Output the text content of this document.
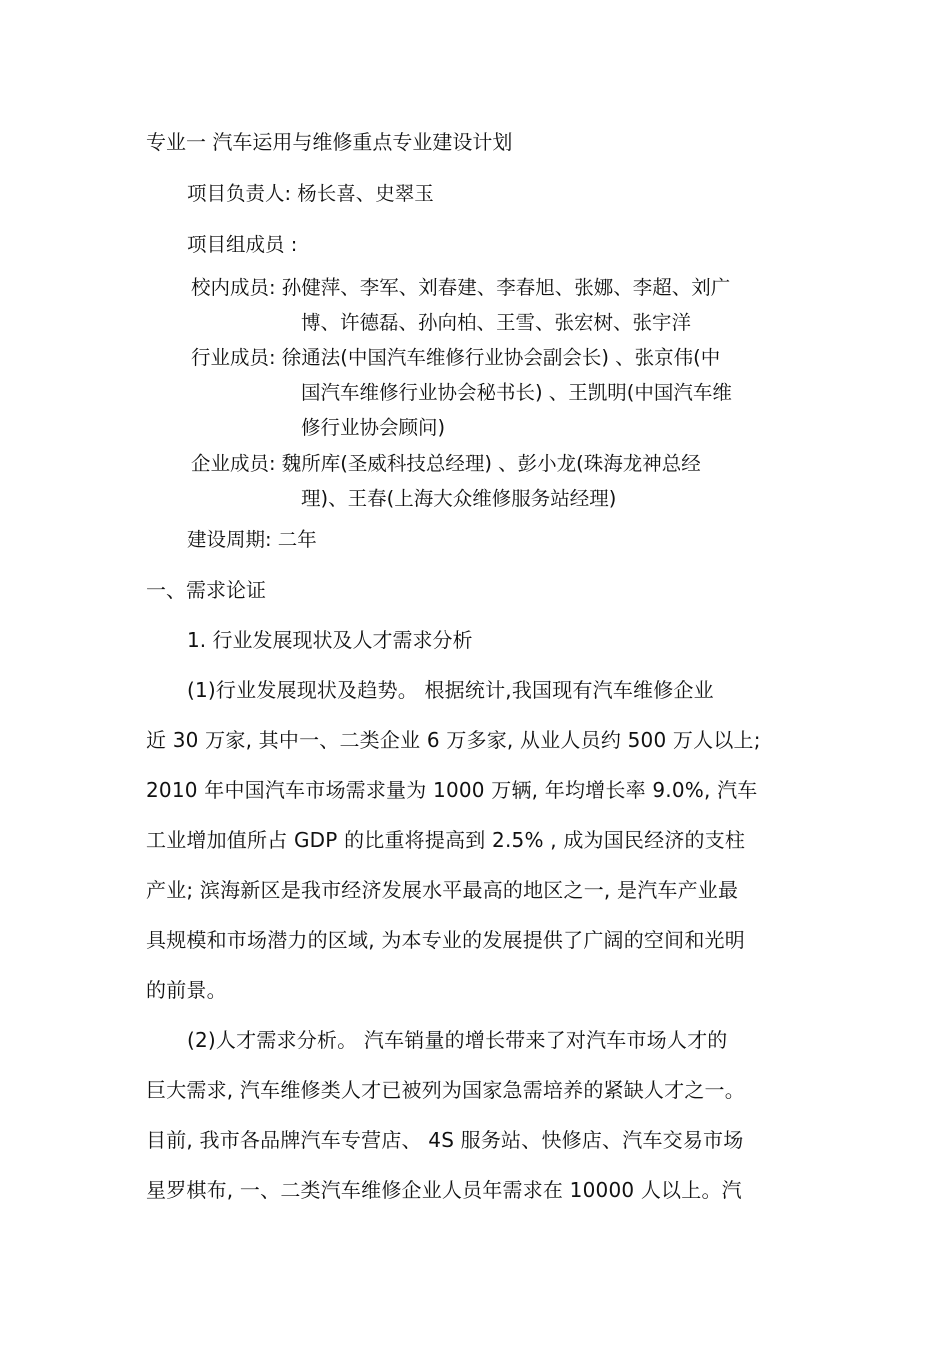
专业一 汽车运用与维修重点专业建设计划
项目负责人: 杨长喜、史翠玉
项目组成员 :
校内成员: 孙健萍、李军、刘春建、李春旭、张娜、李超、刘广
博、许德磊、孙向柏、王雪、张宏树、张宇洋
行业成员: 徐通法(中国汽车维修行业协会副会长) 、张京伟(中
国汽车维修行业协会秘书长) 、王凯明(中国汽车维
修行业协会顾问)
企业成员: 魏所库(圣威科技总经理) 、彭小龙(珠海龙神总经
理)、王春(上海大众维修服务站经理)
建设周期: 二年
一、需求论证
1. 行业发展现状及人才需求分析
(1)行业发展现状及趋势。 根据统计,我国现有汽车维修企业
近 30 万家, 其中一、二类企业 6 万多家, 从业人员约 500 万人以上;
2010 年中国汽车市场需求量为 1000 万辆, 年均增长率 9.0%, 汽车
工业增加值所占 GDP 的比重将提高到 2.5% , 成为国民经济的支柱
产业; 滨海新区是我市经济发展水平最高的地区之一, 是汽车产业最
具规模和市场潜力的区域, 为本专业的发展提供了广阔的空间和光明
的前景。
(2)人才需求分析。 汽车销量的增长带来了对汽车市场人才的
巨大需求, 汽车维修类人才已被列为国家急需培养的紧缺人才之一。
目前, 我市各品牌汽车专营店、 4S 服务站、快修店、汽车交易市场
星罗棋布, 一、二类汽车维修企业人员年需求在 10000 人以上。汽
